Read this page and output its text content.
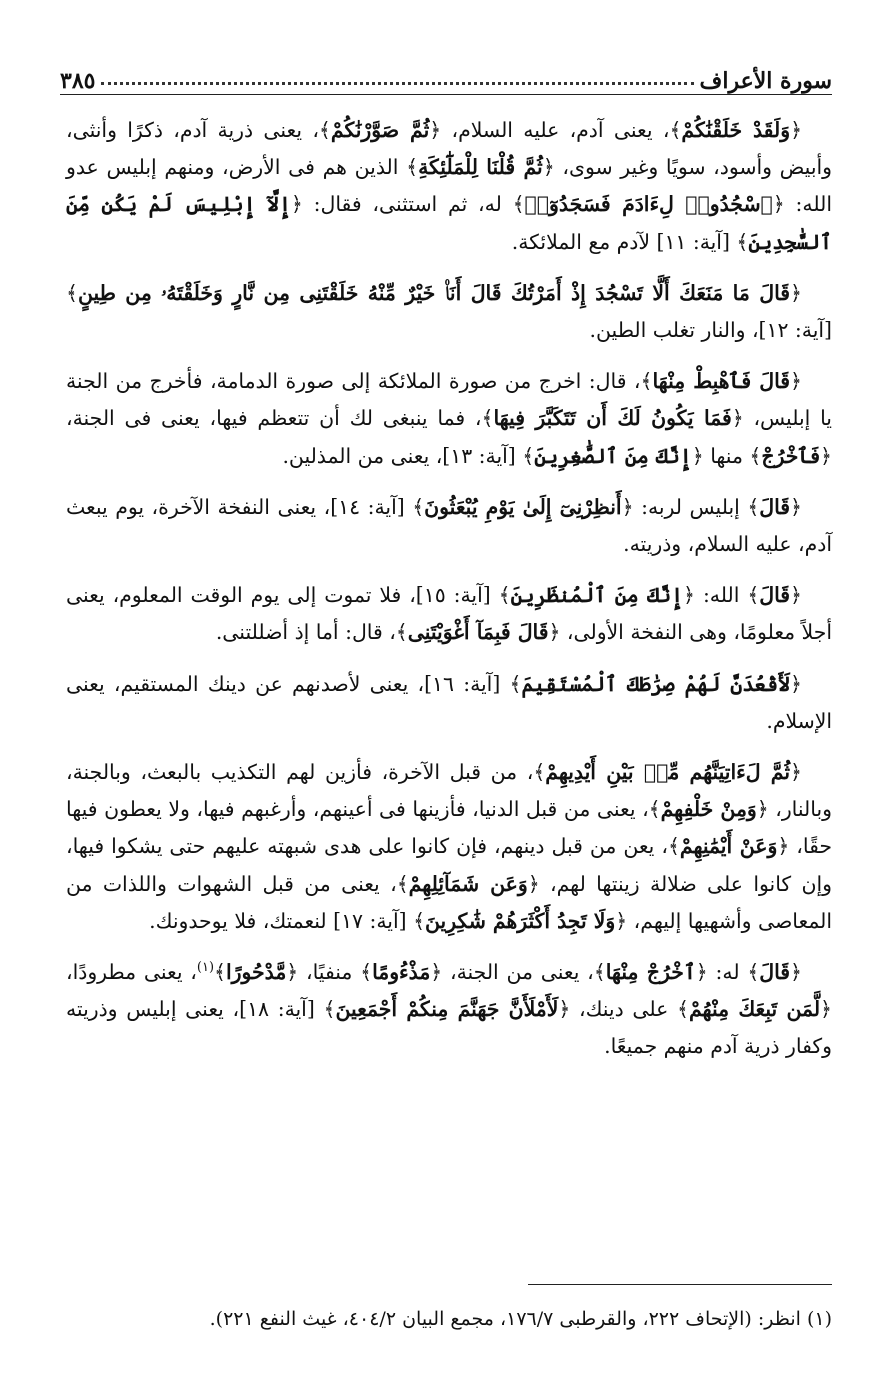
سورة الأعراف
٣٨٥

﴿وَلَقَدْ خَلَقْنَٰكُمْ﴾، يعنى آدم، عليه السلام، ﴿ثُمَّ صَوَّرْنَٰكُمْ﴾، يعنى ذرية آدم، ذكرًا وأنثى، وأبيض وأسود، سويًا وغير سوى، ﴿ثُمَّ قُلْنَا لِلْمَلَٰٓئِكَةِ﴾ الذين هم فى الأرض، ومنهم إبليس عدو الله: ﴿ٱسْجُدُوا۟ لِءَادَمَ فَسَجَدُوٓا۟﴾ له، ثم استثنى، فقال: ﴿إِلَّآ إِبْلِيسَ لَمْ يَكُن مِّنَ ٱلسَّٰجِدِينَ﴾ [آية: ١١] لآدم مع الملائكة.

﴿قَالَ مَا مَنَعَكَ أَلَّا تَسْجُدَ إِذْ أَمَرْتُكَ قَالَ أَنَا۠ خَيْرٌ مِّنْهُ خَلَقْتَنِى مِن نَّارٍ وَخَلَقْتَهُۥ مِن طِينٍ﴾ [آية: ١٢]، والنار تغلب الطين.

﴿قَالَ فَٱهْبِطْ مِنْهَا﴾، قال: اخرج من صورة الملائكة إلى صورة الدمامة، فأخرج من الجنة يا إبليس، ﴿فَمَا يَكُونُ لَكَ أَن تَتَكَبَّرَ فِيهَا﴾، فما ينبغى لك أن تتعظم فيها، يعنى فى الجنة، ﴿فَٱخْرُجْ﴾ منها ﴿إِنَّكَ مِنَ ٱلصَّٰغِرِينَ﴾ [آية: ١٣]، يعنى من المذلين.

﴿قَالَ﴾ إبليس لربه: ﴿أَنظِرْنِىٓ إِلَىٰ يَوْمِ يُبْعَثُونَ﴾ [آية: ١٤]، يعنى النفخة الآخرة، يوم يبعث آدم، عليه السلام، وذريته.

﴿قَالَ﴾ الله: ﴿إِنَّكَ مِنَ ٱلْمُنظَرِينَ﴾ [آية: ١٥]، فلا تموت إلى يوم الوقت المعلوم، يعنى أجلاً معلومًا، وهى النفخة الأولى، ﴿قَالَ فَبِمَآ أَغْوَيْتَنِى﴾، قال: أما إذ أضللتنى.

﴿لَأَقْعُدَنَّ لَهُمْ صِرَٰطَكَ ٱلْمُسْتَقِيمَ﴾ [آية: ١٦]، يعنى لأصدنهم عن دينك المستقيم، يعنى الإسلام.

﴿ثُمَّ لَءَاتِيَنَّهُم مِّنۢ بَيْنِ أَيْدِيهِمْ﴾، من قبل الآخرة، فأزين لهم التكذيب بالبعث، وبالجنة، وبالنار، ﴿وَمِنْ خَلْفِهِمْ﴾، يعنى من قبل الدنيا، فأزينها فى أعينهم، وأرغبهم فيها، ولا يعطون فيها حقًا، ﴿وَعَنْ أَيْمَٰنِهِمْ﴾، يعن من قبل دينهم، فإن كانوا على هدى شبهته عليهم حتى يشكوا فيها، وإن كانوا على ضلالة زينتها لهم، ﴿وَعَن شَمَآئِلِهِمْ﴾، يعنى من قبل الشهوات واللذات من المعاصى وأشهيها إليهم، ﴿وَلَا تَجِدُ أَكْثَرَهُمْ شَٰكِرِينَ﴾ [آية: ١٧] لنعمتك، فلا يوحدونك.

﴿قَالَ﴾ له: ﴿ٱخْرُجْ مِنْهَا﴾، يعنى من الجنة، ﴿مَذْءُومًا﴾ منفيًا، ﴿مَّدْحُورًا﴾$^{(١)}$، يعنى مطرودًا، ﴿لَّمَن تَبِعَكَ مِنْهُمْ﴾ على دينك، ﴿لَأَمْلَأَنَّ جَهَنَّمَ مِنكُمْ أَجْمَعِينَ﴾ [آية: ١٨]، يعنى إبليس وذريته وكفار ذرية آدم منهم جميعًا.

(١) انظر: (الإتحاف ٢٢٢، والقرطبى ١٧٦/٧، مجمع البيان ٤٠٤/٢، غيث النفع ٢٢١).
